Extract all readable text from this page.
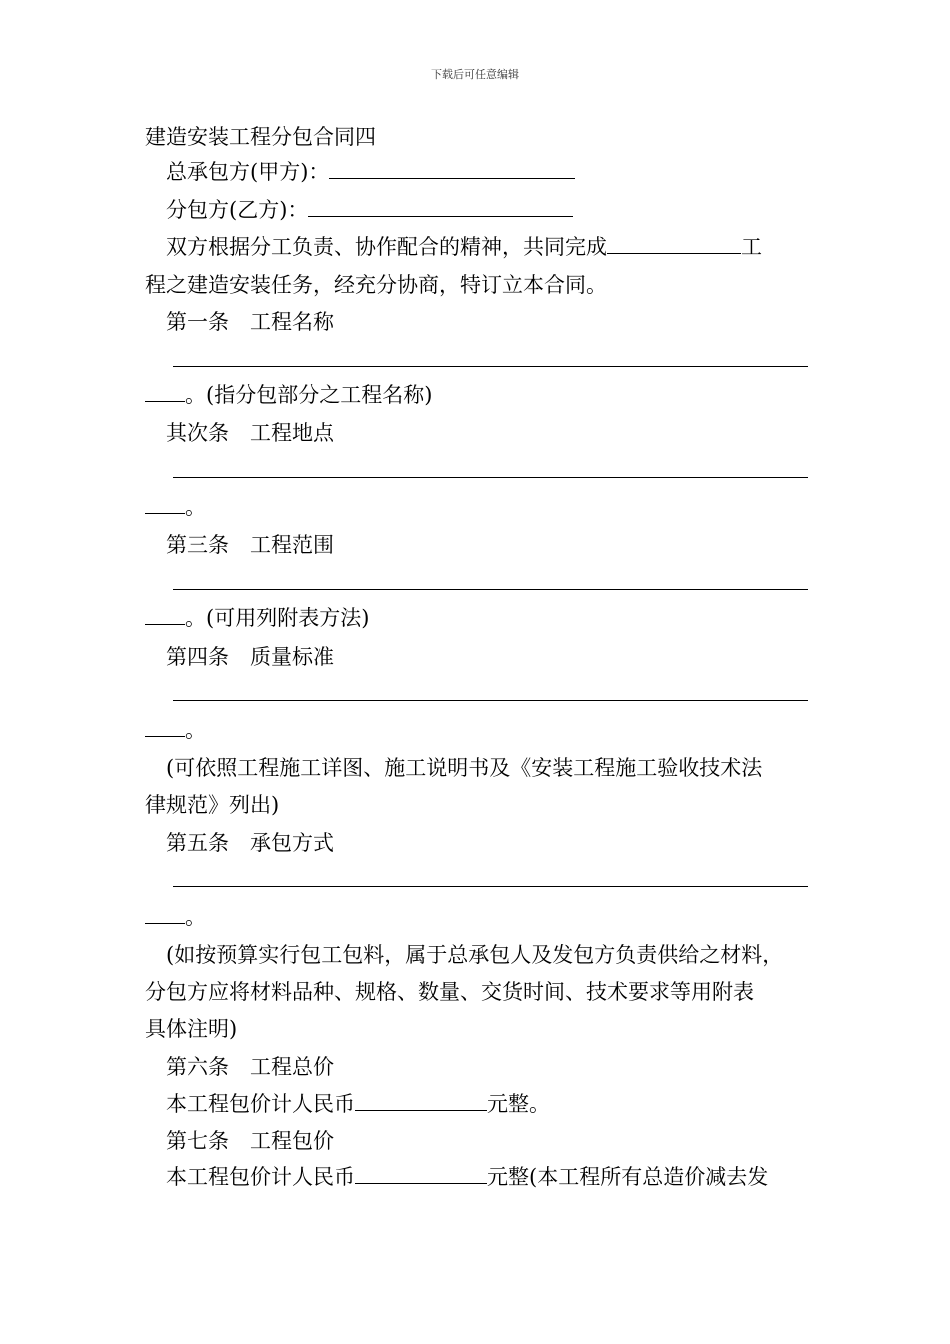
下载后可任意编辑
建造安装工程分包合同四
总承包方(甲方)：
分包方(乙方)：
双方根据分工负责、协作配合的精神，共同完成	工
程之建造安装任务，经充分协商，特订立本合同。
第一条　工程名称
。(指分包部分之工程名称)
其次条　工程地点
。
第三条　工程范围
。(可用列附表方法)
第四条　质量标准
。
(可依照工程施工详图、施工说明书及《安装工程施工验收技术法
律规范》列出)
第五条　承包方式
。
(如按预算实行包工包料，属于总承包人及发包方负责供给之材料，
分包方应将材料品种、规格、数量、交货时间、技术要求等用附表
具体注明)
第六条　工程总价
本工程包价计人民币	元整。
第七条　工程包价
本工程包价计人民币	元整(本工程所有总造价减去发
